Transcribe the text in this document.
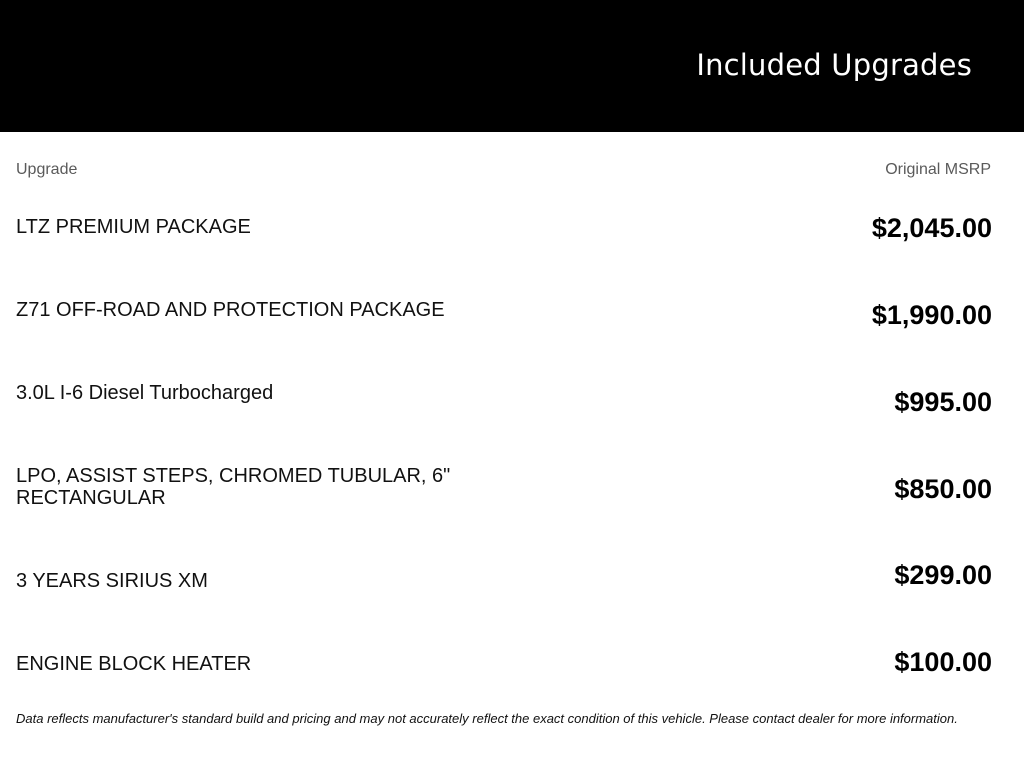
Included Upgrades
Upgrade	Original MSRP
LTZ PREMIUM PACKAGE	$2,045.00
Z71 OFF-ROAD AND PROTECTION PACKAGE	$1,990.00
3.0L I-6 Diesel Turbocharged	$995.00
LPO, ASSIST STEPS, CHROMED TUBULAR, 6" RECTANGULAR	$850.00
3 YEARS SIRIUS XM	$299.00
ENGINE BLOCK HEATER	$100.00
Data reflects manufacturer's standard build and pricing and may not accurately reflect the exact condition of this vehicle. Please contact dealer for more information.
